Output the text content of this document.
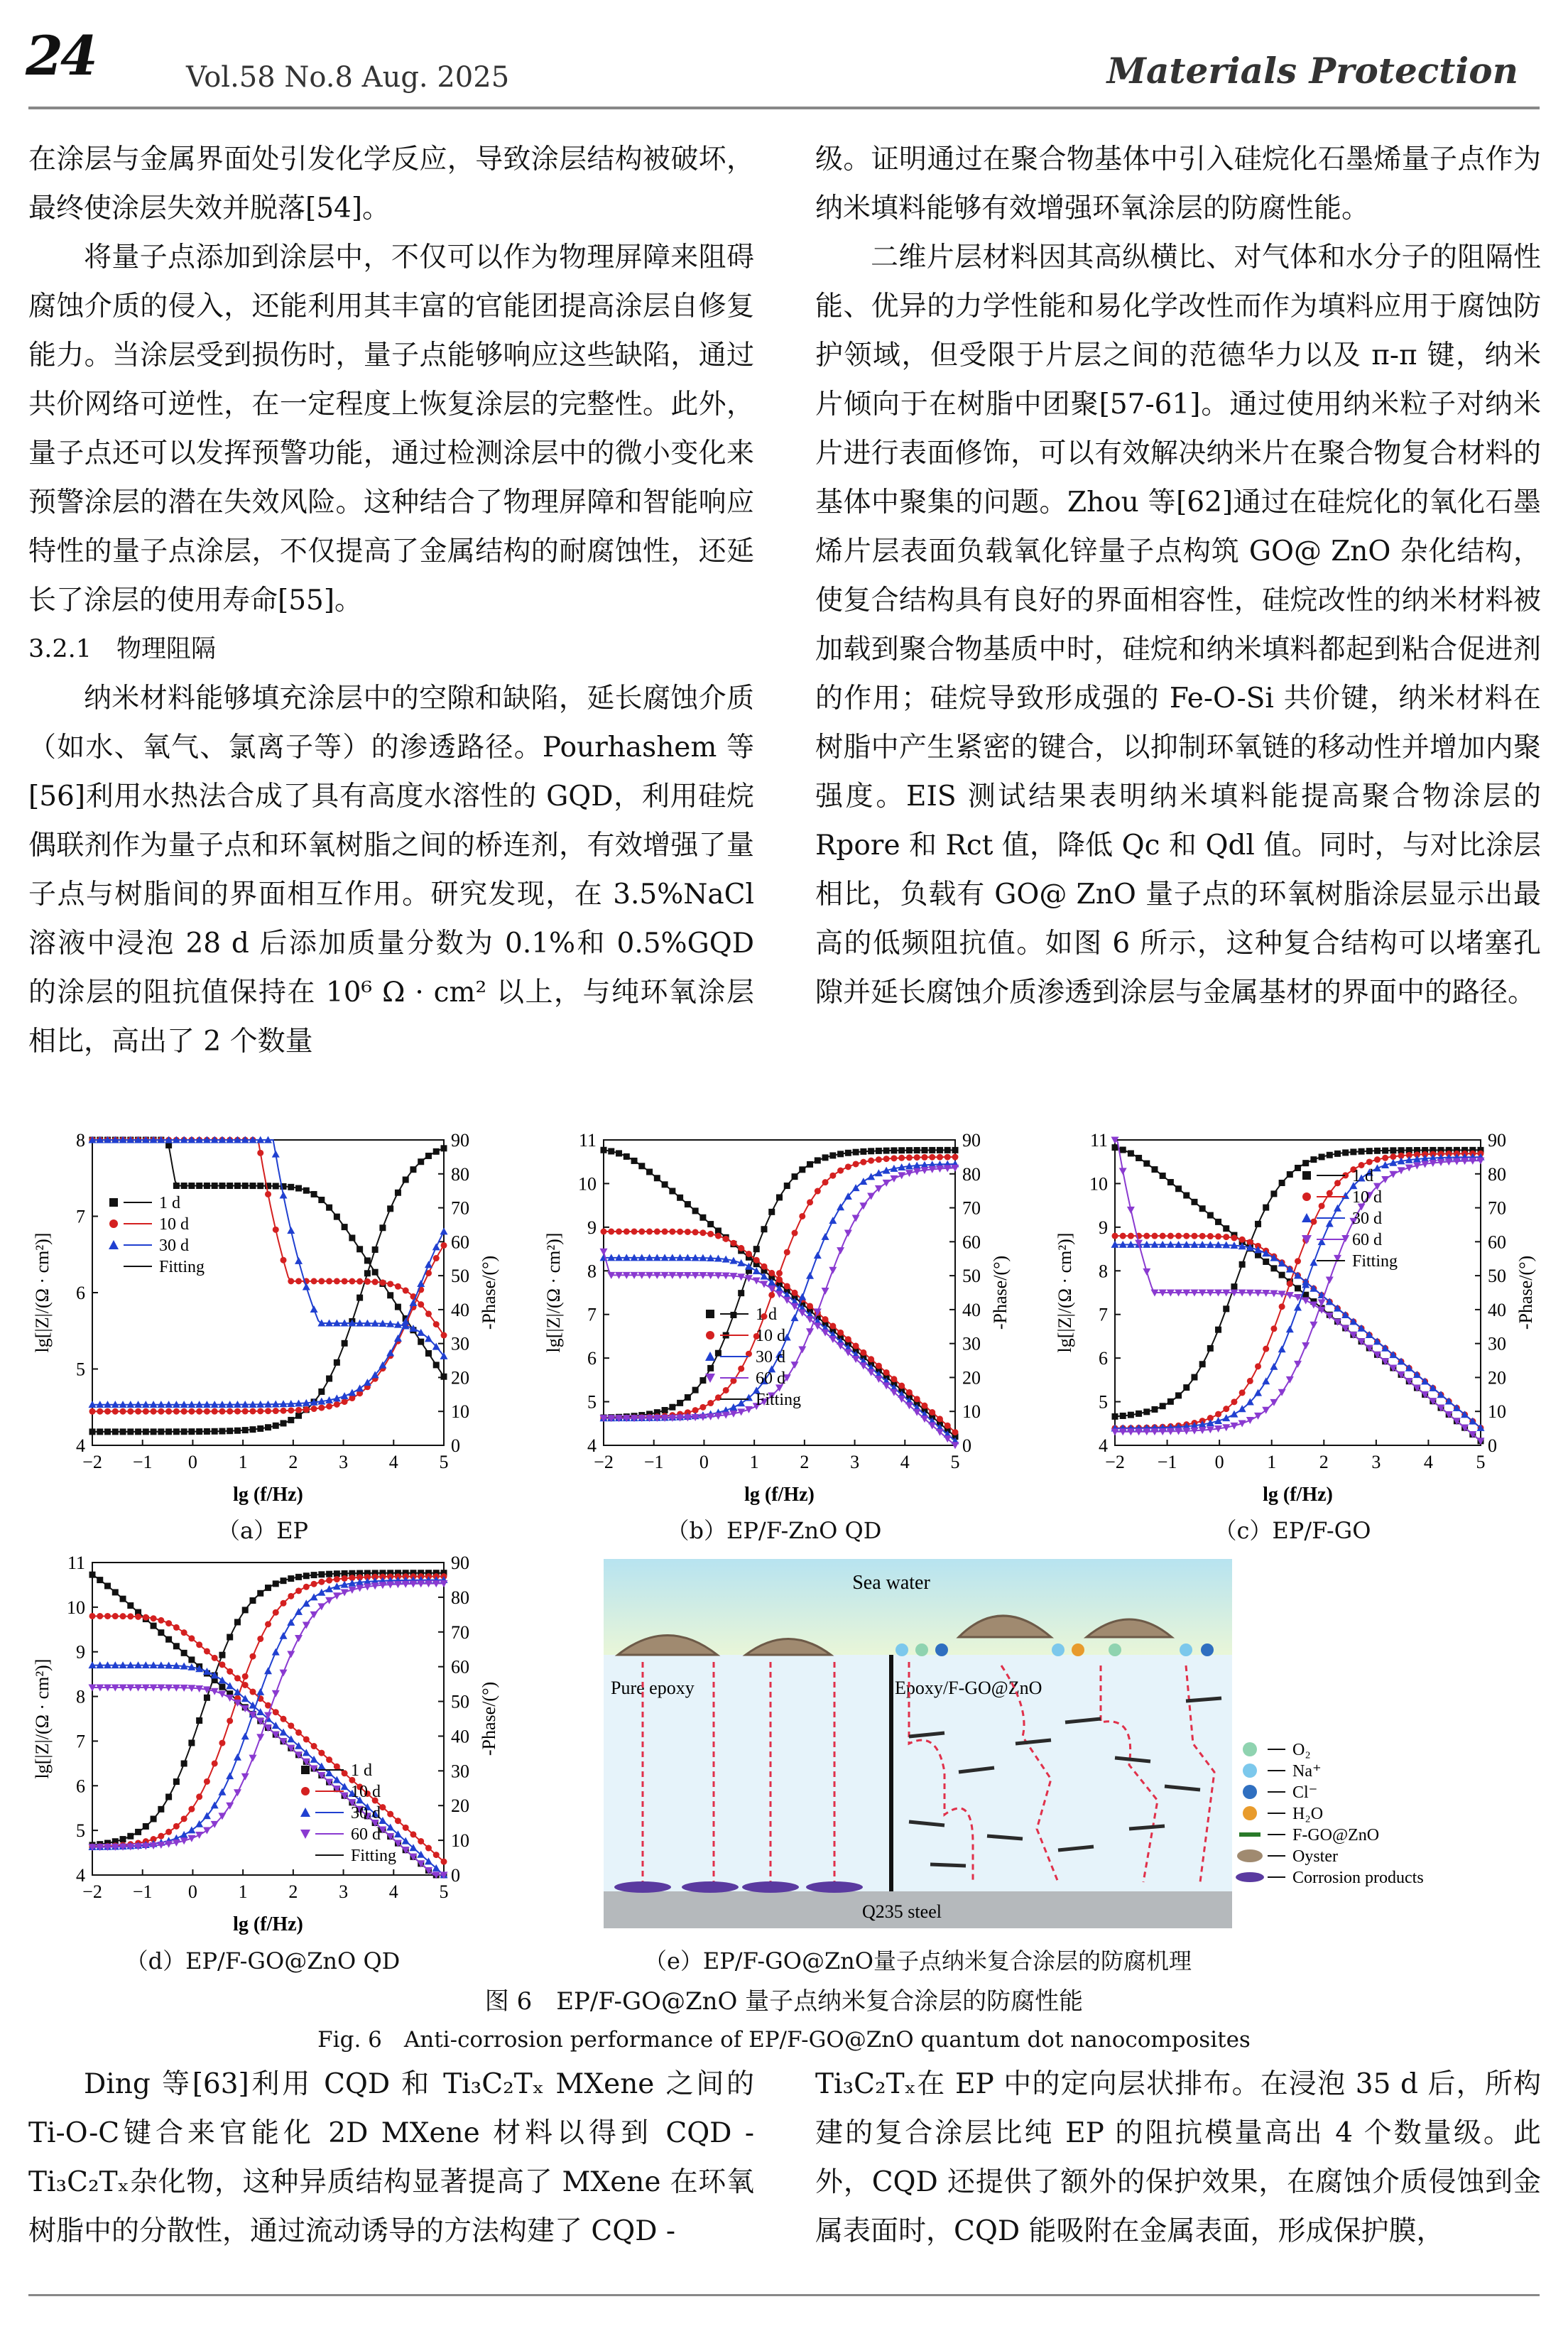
24	Vol.58 No.8 Aug. 2025	Materials Protection

在涂层与金属界面处引发化学反应，导致涂层结构被破坏，最终使涂层失效并脱落[54]。

将量子点添加到涂层中，不仅可以作为物理屏障来阻碍腐蚀介质的侵入，还能利用其丰富的官能团提高涂层自修复能力。当涂层受到损伤时，量子点能够响应这些缺陷，通过共价网络可逆性，在一定程度上恢复涂层的完整性。此外，量子点还可以发挥预警功能，通过检测涂层中的微小变化来预警涂层的潜在失效风险。这种结合了物理屏障和智能响应特性的量子点涂层，不仅提高了金属结构的耐腐蚀性，还延长了涂层的使用寿命[55]。

3.2.1　物理阻隔

纳米材料能够填充涂层中的空隙和缺陷，延长腐蚀介质（如水、氧气、氯离子等）的渗透路径。Pourhashem 等[56]利用水热法合成了具有高度水溶性的 GQD，利用硅烷偶联剂作为量子点和环氧树脂之间的桥连剂，有效增强了量子点与树脂间的界面相互作用。研究发现，在 3.5%NaCl 溶液中浸泡 28 d 后添加质量分数为 0.1%和 0.5%GQD 的涂层的阻抗值保持在 10⁶ Ω · cm² 以上，与纯环氧涂层相比，高出了 2 个数量

级。证明通过在聚合物基体中引入硅烷化石墨烯量子点作为纳米填料能够有效增强环氧涂层的防腐性能。

二维片层材料因其高纵横比、对气体和水分子的阻隔性能、优异的力学性能和易化学改性而作为填料应用于腐蚀防护领域，但受限于片层之间的范德华力以及 π-π 键，纳米片倾向于在树脂中团聚[57-61]。通过使用纳米粒子对纳米片进行表面修饰，可以有效解决纳米片在聚合物复合材料的基体中聚集的问题。Zhou 等[62]通过在硅烷化的氧化石墨烯片层表面负载氧化锌量子点构筑 GO@ ZnO 杂化结构，使复合结构具有良好的界面相容性，硅烷改性的纳米材料被加载到聚合物基质中时，硅烷和纳米填料都起到粘合促进剂的作用；硅烷导致形成强的 Fe-O-Si 共价键，纳米材料在树脂中产生紧密的键合，以抑制环氧链的移动性并增加内聚强度。EIS 测试结果表明纳米填料能提高聚合物涂层的 Rpore 和 Rct 值，降低 Qc 和 Qdl 值。同时，与对比涂层相比，负载有 GO@ ZnO 量子点的环氧树脂涂层显示出最高的低频阻抗值。如图 6 所示，这种复合结构可以堵塞孔隙并延长腐蚀介质渗透到涂层与金属基材的界面中的路径。

−2 −1 0 1 2 3 4 5
4
5
6
7
8
0
10
20
30
40
50
60
70
80
90
lg (f/Hz)
lg[|Z|/(Ω · cm²)]	-Phase/(°)
1 d
10 d
30 d
Fitting
−2 −1 0 1 2 3 4 5
4
5
6
7
8
9
10
11
0
10
20
30
40
50
60
70
80
90
lg (f/Hz)
lg[|Z|/(Ω · cm²)]	-Phase/(°)
1 d
10 d
30 d
60 d
Fitting
−2 −1 0 1 2 3 4 5
4
5
6
7
8
9
10
11
0
10
20
30
40
50
60
70
80
90
lg (f/Hz)
lg[|Z|/(Ω · cm²)]	-Phase/(°)
1 d
10 d
30 d
60 d
Fitting
−2 −1 0 1 2 3 4 5
4
5
6
7
8
9
10
11
0
10
20
30
40
50
60
70
80
90
lg (f/Hz)
lg[|Z|/(Ω · cm²)]	-Phase/(°)
1 d
10 d
30 d
60 d
Fitting
（a）EP	（b）EP/F-ZnO QD	（c）EP/F-GO
（d）EP/F-GO@ZnO QD
Sea water
Pure epoxy	Epoxy/F-GO@ZnO
Q235 steel
O₂
Na⁺
Cl⁻
H₂O
F-GO@ZnO
Oyster
Corrosion products
（e）EP/F-GO@ZnO量子点纳米复合涂层的防腐机理
图 6　EP/F-GO@ZnO 量子点纳米复合涂层的防腐性能
Fig. 6　Anti-corrosion performance of EP/F-GO@ZnO quantum dot nanocomposites

Ding 等[63]利用 CQD 和 Ti₃C₂Tₓ MXene 之间的 Ti-O-C键合来官能化 2D MXene 材料以得到 CQD - Ti₃C₂Tₓ杂化物，这种异质结构显著提高了 MXene 在环氧树脂中的分散性，通过流动诱导的方法构建了 CQD -

Ti₃C₂Tₓ在 EP 中的定向层状排布。在浸泡 35 d 后，所构建的复合涂层比纯 EP 的阻抗模量高出 4 个数量级。此外，CQD 还提供了额外的保护效果，在腐蚀介质侵蚀到金属表面时，CQD 能吸附在金属表面，形成保护膜，
